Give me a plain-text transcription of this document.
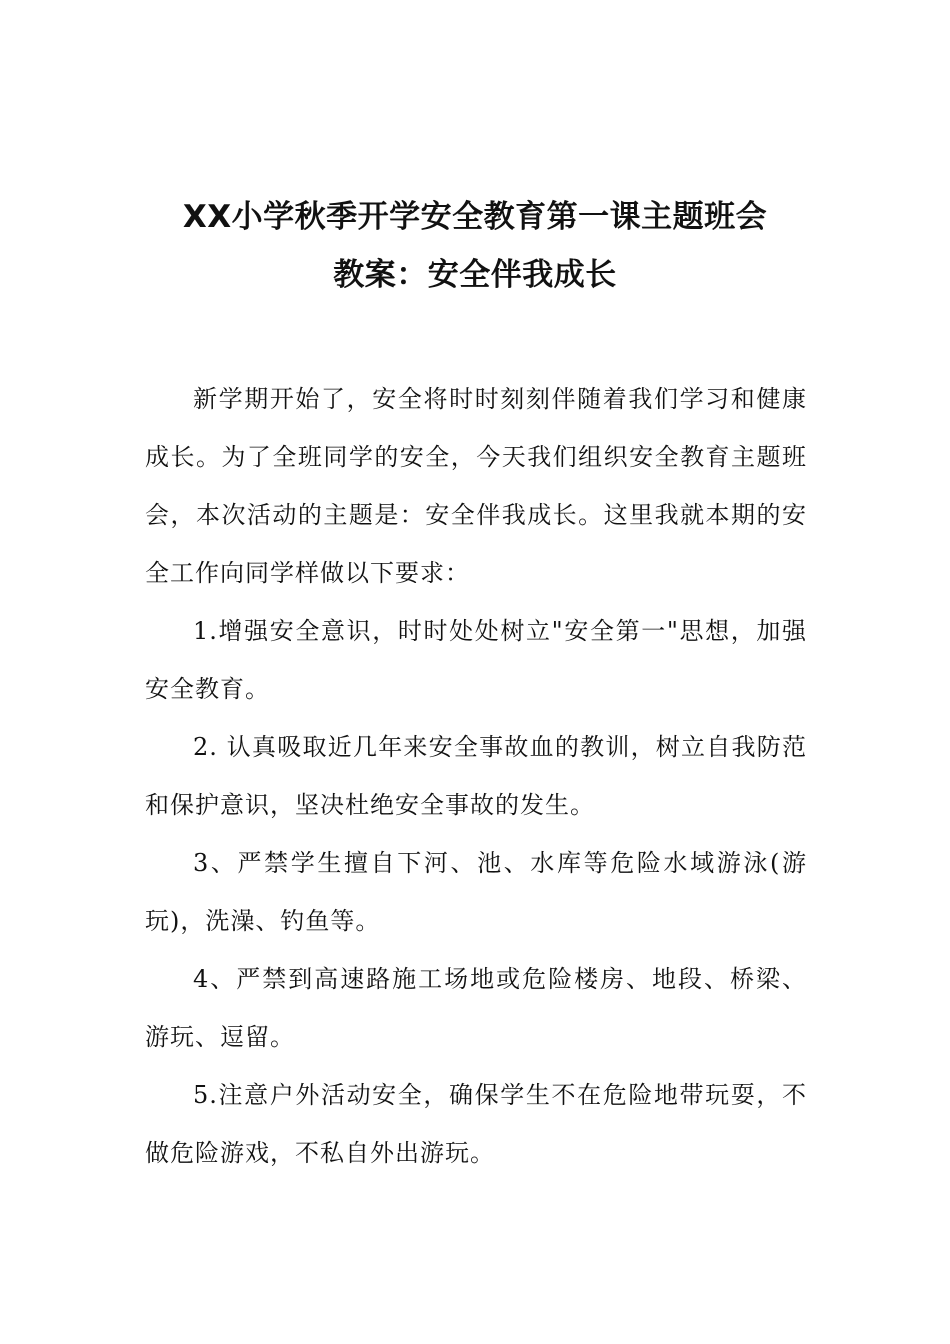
XX小学秋季开学安全教育第一课主题班会
教案：安全伴我成长

新学期开始了，安全将时时刻刻伴随着我们学习和健康成长。为了全班同学的安全，今天我们组织安全教育主题班会，本次活动的主题是：安全伴我成长。这里我就本期的安全工作向同学样做以下要求：

1.增强安全意识，时时处处树立"安全第一"思想，加强安全教育。

2. 认真吸取近几年来安全事故血的教训，树立自我防范和保护意识，坚决杜绝安全事故的发生。

3、严禁学生擅自下河、池、水库等危险水域游泳(游玩)，洗澡、钓鱼等。

4、严禁到高速路施工场地或危险楼房、地段、桥梁、游玩、逗留。

5.注意户外活动安全，确保学生不在危险地带玩耍，不做危险游戏，不私自外出游玩。
